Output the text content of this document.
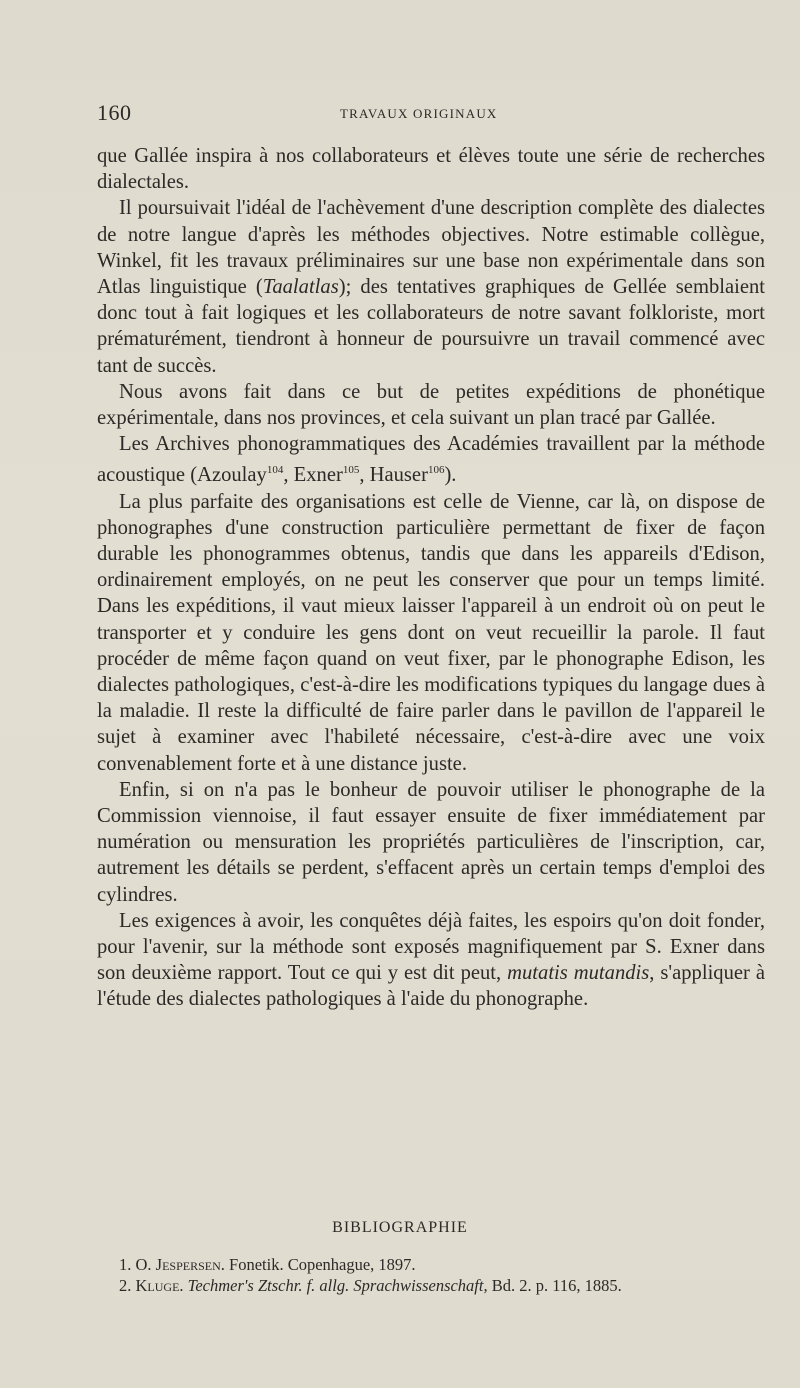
160	TRAVAUX ORIGINAUX

que Gallée inspira à nos collaborateurs et élèves toute une série de recherches dialectales.

Il poursuivait l'idéal de l'achèvement d'une description complète des dialectes de notre langue d'après les méthodes objectives. Notre estimable collègue, Winkel, fit les travaux préliminaires sur une base non expérimentale dans son Atlas linguistique (Taalatlas); des tentatives graphiques de Gellée semblaient donc tout à fait logiques et les collaborateurs de notre savant folkloriste, mort prématurément, tiendront à honneur de poursuivre un travail commencé avec tant de succès.

Nous avons fait dans ce but de petites expéditions de phonétique expérimentale, dans nos provinces, et cela suivant un plan tracé par Gallée.

Les Archives phonogrammatiques des Académies travaillent par la méthode acoustique (Azoulay$^{104}$, Exner$^{105}$, Hauser$^{106}$).

La plus parfaite des organisations est celle de Vienne, car là, on dispose de phonographes d'une construction particulière permettant de fixer de façon durable les phonogrammes obtenus, tandis que dans les appareils d'Edison, ordinairement employés, on ne peut les conserver que pour un temps limité. Dans les expéditions, il vaut mieux laisser l'appareil à un endroit où on peut le transporter et y conduire les gens dont on veut recueillir la parole. Il faut procéder de même façon quand on veut fixer, par le phonographe Edison, les dialectes pathologiques, c'est-à-dire les modifications typiques du langage dues à la maladie. Il reste la difficulté de faire parler dans le pavillon de l'appareil le sujet à examiner avec l'habileté nécessaire, c'est-à-dire avec une voix convenablement forte et à une distance juste.

Enfin, si on n'a pas le bonheur de pouvoir utiliser le phonographe de la Commission viennoise, il faut essayer ensuite de fixer immédiatement par numération ou mensuration les propriétés particulières de l'inscription, car, autrement les détails se perdent, s'effacent après un certain temps d'emploi des cylindres.

Les exigences à avoir, les conquêtes déjà faites, les espoirs qu'on doit fonder, pour l'avenir, sur la méthode sont exposés magnifiquement par S. Exner dans son deuxième rapport. Tout ce qui y est dit peut, mutatis mutandis, s'appliquer à l'étude des dialectes pathologiques à l'aide du phonographe.

BIBLIOGRAPHIE

1. O. Jespersen. Fonetik. Copenhague, 1897.

2. Kluge. Techmer's Ztschr. f. allg. Sprachwissenschaft, Bd. 2. p. 116, 1885.
